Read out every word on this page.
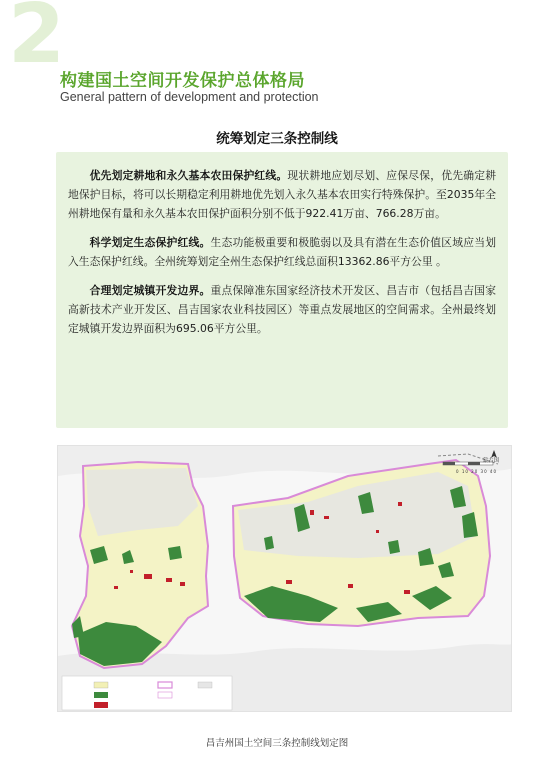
2
构建国土空间开发保护总体格局
General pattern of development and protection
统筹划定三条控制线

优先划定耕地和永久基本农田保护红线。现状耕地应划尽划、应保尽保，优先确定耕地保护目标，将可以长期稳定利用耕地优先划入永久基本农田实行特殊保护。至2035年全州耕地保有量和永久基本农田保护面积分别不低于922.41万亩、766.28万亩。

科学划定生态保护红线。生态功能极重要和极脆弱以及具有潜在生态价值区域应当划入生态保护红线。全州统筹划定全州生态保护红线总面积13362.86平方公里 。

合理划定城镇开发边界。重点保障准东国家经济技术开发区、昌吉市（包括昌吉国家高新技术产业开发区、昌吉国家农业科技园区）等重点发展地区的空间需求。全州最终划定城镇开发边界面积为695.06平方公里。

蒙古国
0 10 20 30 40
昌吉州国土空间三条控制线划定图
